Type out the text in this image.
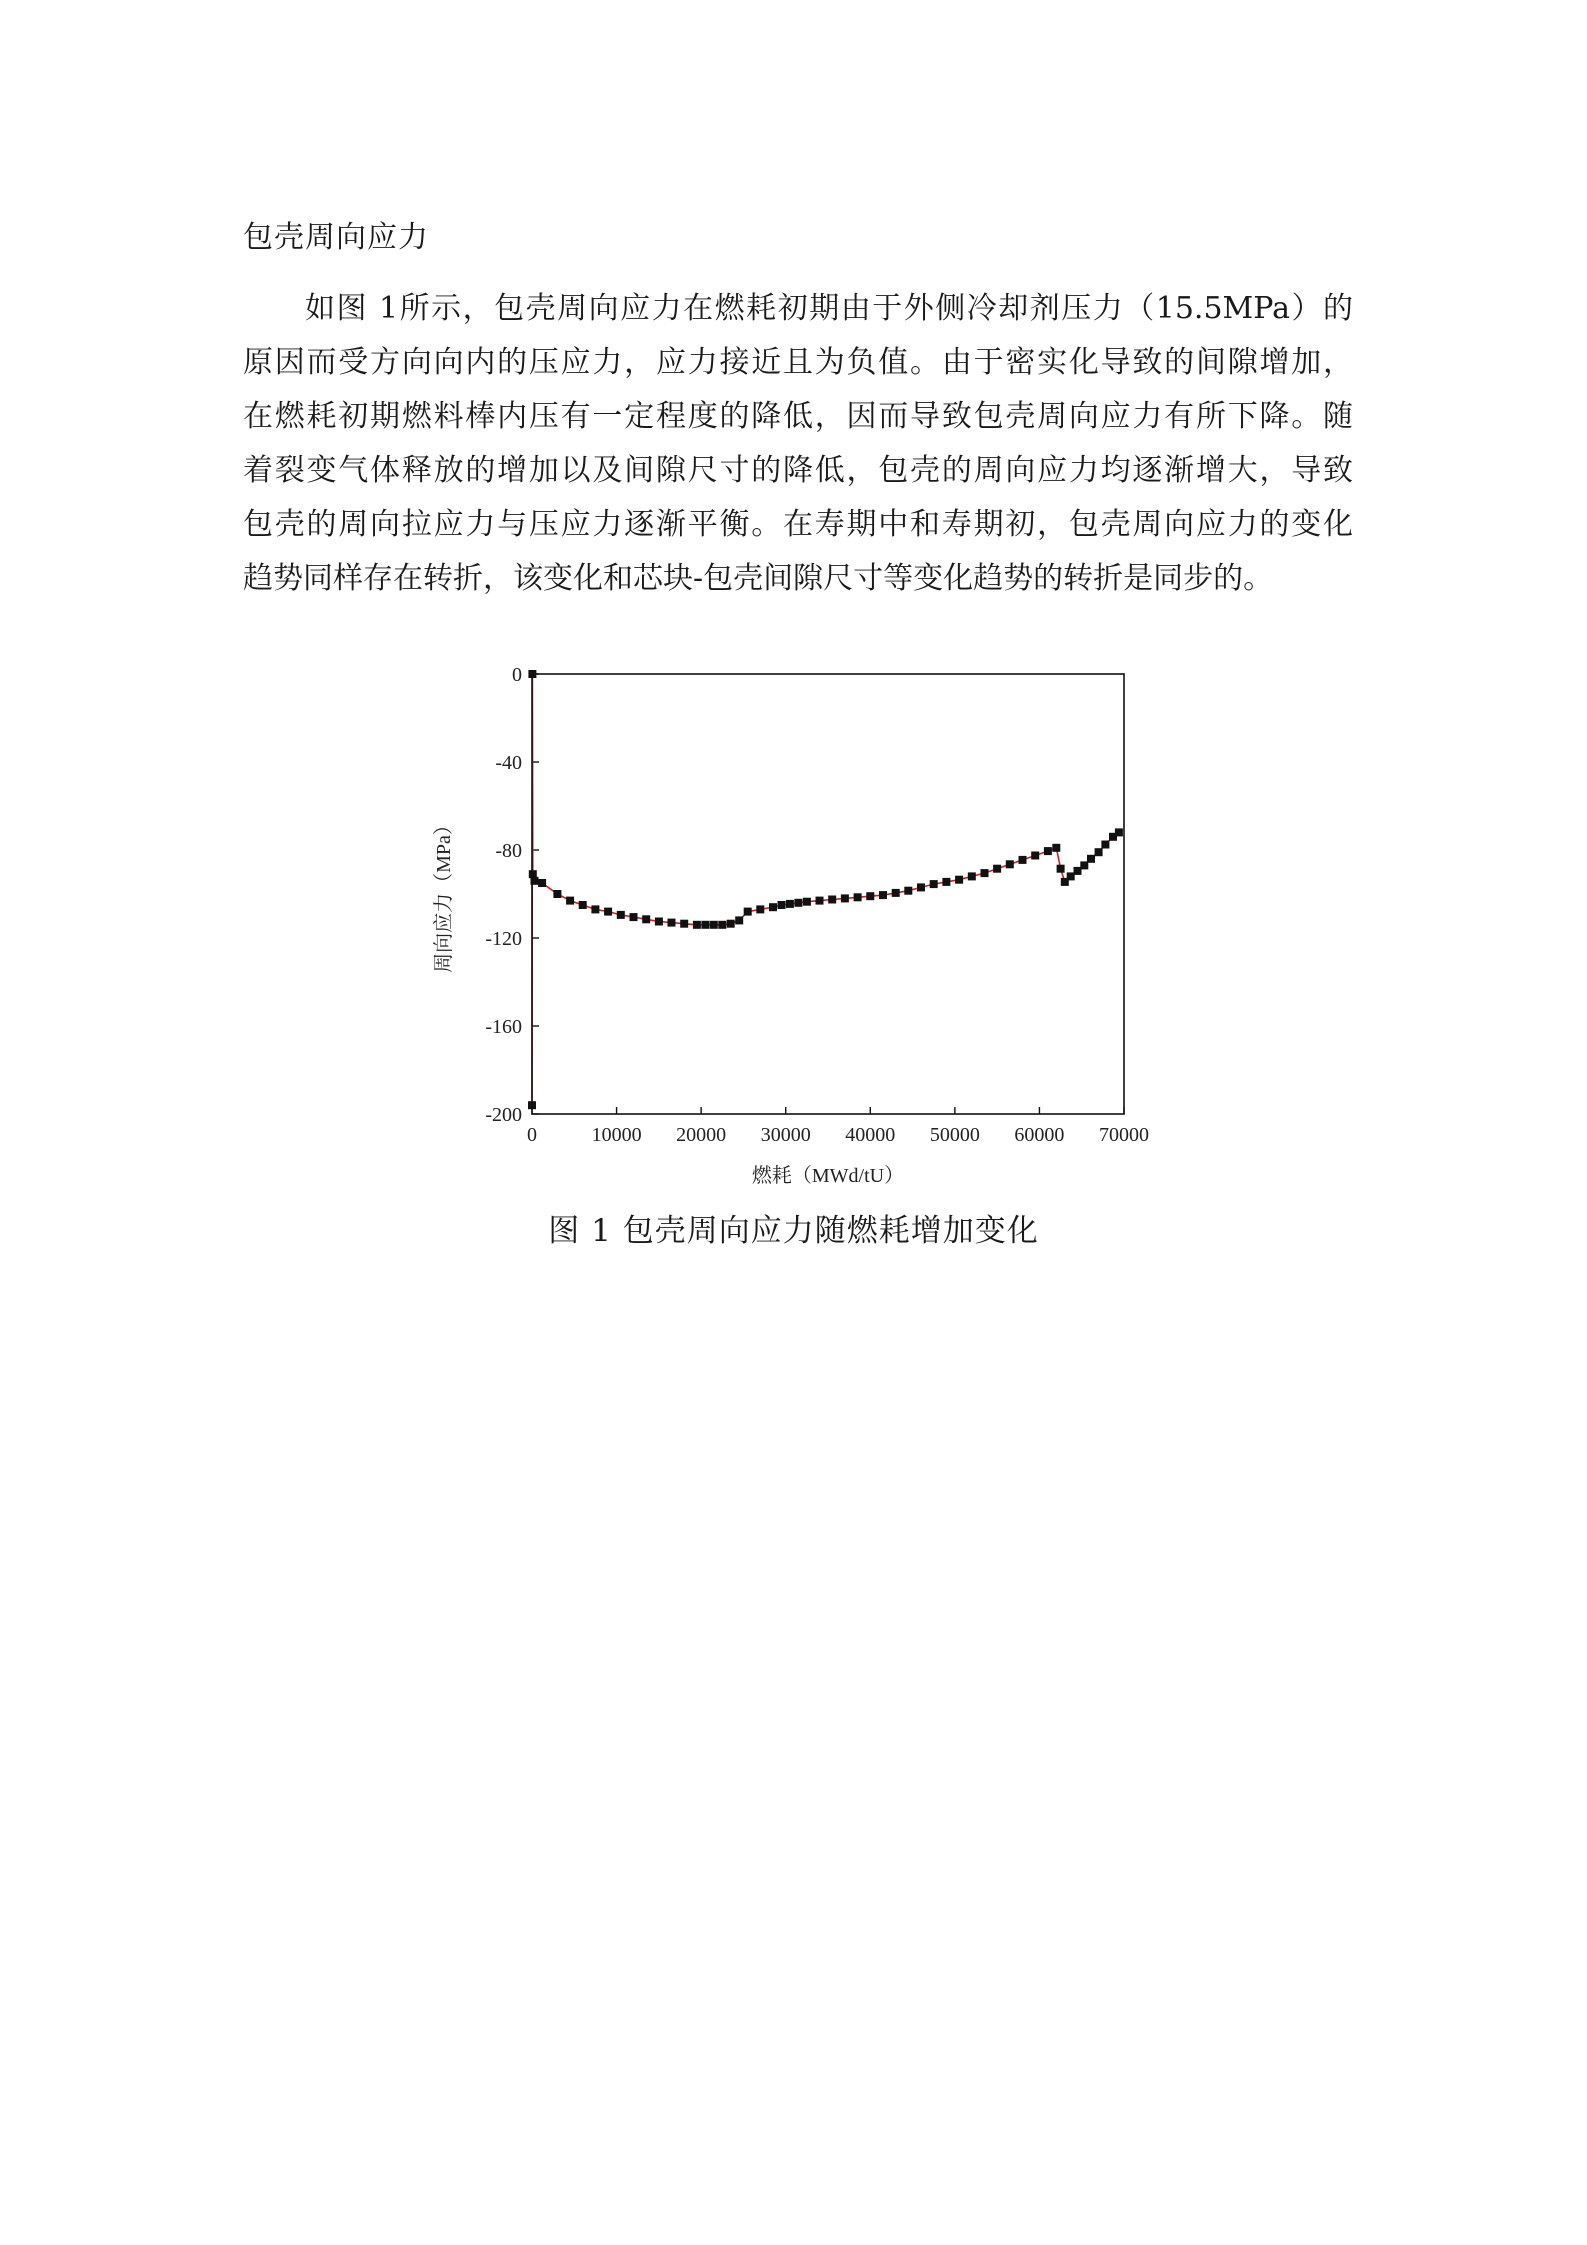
包壳周向应力
如图 1所示，包壳周向应力在燃耗初期由于外侧冷却剂压力（15.5MPa）的
原因而受方向向内的压应力，应力接近且为负值。由于密实化导致的间隙增加，
在燃耗初期燃料棒内压有一定程度的降低，因而导致包壳周向应力有所下降。随
着裂变气体释放的增加以及间隙尺寸的降低，包壳的周向应力均逐渐增大，导致
包壳的周向拉应力与压应力逐渐平衡。在寿期中和寿期初，包壳周向应力的变化
趋势同样存在转折，该变化和芯块-包壳间隙尺寸等变化趋势的转折是同步的。
0
-40
-80
-120
-160
-200
0	10000 20000 30000 40000 50000 60000 70000
燃耗（MWd/tU）
周向应力（MPa）
图 1 包壳周向应力随燃耗增加变化
